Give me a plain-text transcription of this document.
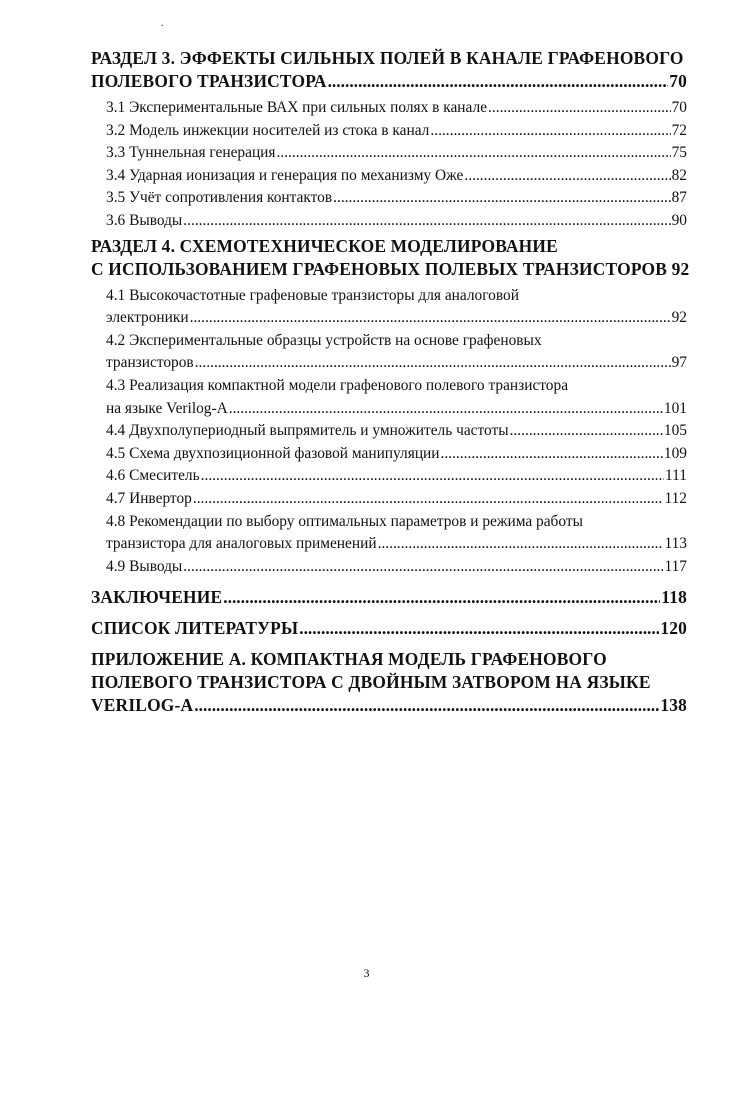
.
РАЗДЕЛ 3. ЭФФЕКТЫ СИЛЬНЫХ ПОЛЕЙ В КАНАЛЕ ГРАФЕНОВОГО
ПОЛЕВОГО ТРАНЗИСТОРА .....	70
3.1 Экспериментальные ВАХ при сильных полях в канале .....	70
3.2 Модель инжекции носителей из стока в канал .....	72
3.3 Туннельная генерация .....	75
3.4 Ударная ионизация и генерация по механизму Оже .....	82
3.5 Учёт сопротивления контактов .....	87
3.6 Выводы .....	90
РАЗДЕЛ 4. СХЕМОТЕХНИЧЕСКОЕ МОДЕЛИРОВАНИЕ
С ИСПОЛЬЗОВАНИЕМ ГРАФЕНОВЫХ ПОЛЕВЫХ ТРАНЗИСТОРОВ 92
4.1 Высокочастотные графеновые транзисторы для аналоговой
электроники .....	92
4.2 Экспериментальные образцы устройств на основе графеновых
транзисторов .....	97
4.3 Реализация компактной модели графенового полевого транзистора
на языке Verilog-A .....	101
4.4 Двухполупериодный выпрямитель и умножитель частоты .....	105
4.5 Схема двухпозиционной фазовой манипуляции .....	109
4.6 Смеситель .....	111
4.7 Инвертор .....	112
4.8 Рекомендации по выбору оптимальных параметров и режима работы
транзистора для аналоговых применений .....	113
4.9 Выводы .....	117
ЗАКЛЮЧЕНИЕ .....	118
СПИСОК ЛИТЕРАТУРЫ .....	120
ПРИЛОЖЕНИЕ А. КОМПАКТНАЯ МОДЕЛЬ ГРАФЕНОВОГО
ПОЛЕВОГО ТРАНЗИСТОРА С ДВОЙНЫМ ЗАТВОРОМ НА ЯЗЫКЕ
VERILOG-A .....	138
3
